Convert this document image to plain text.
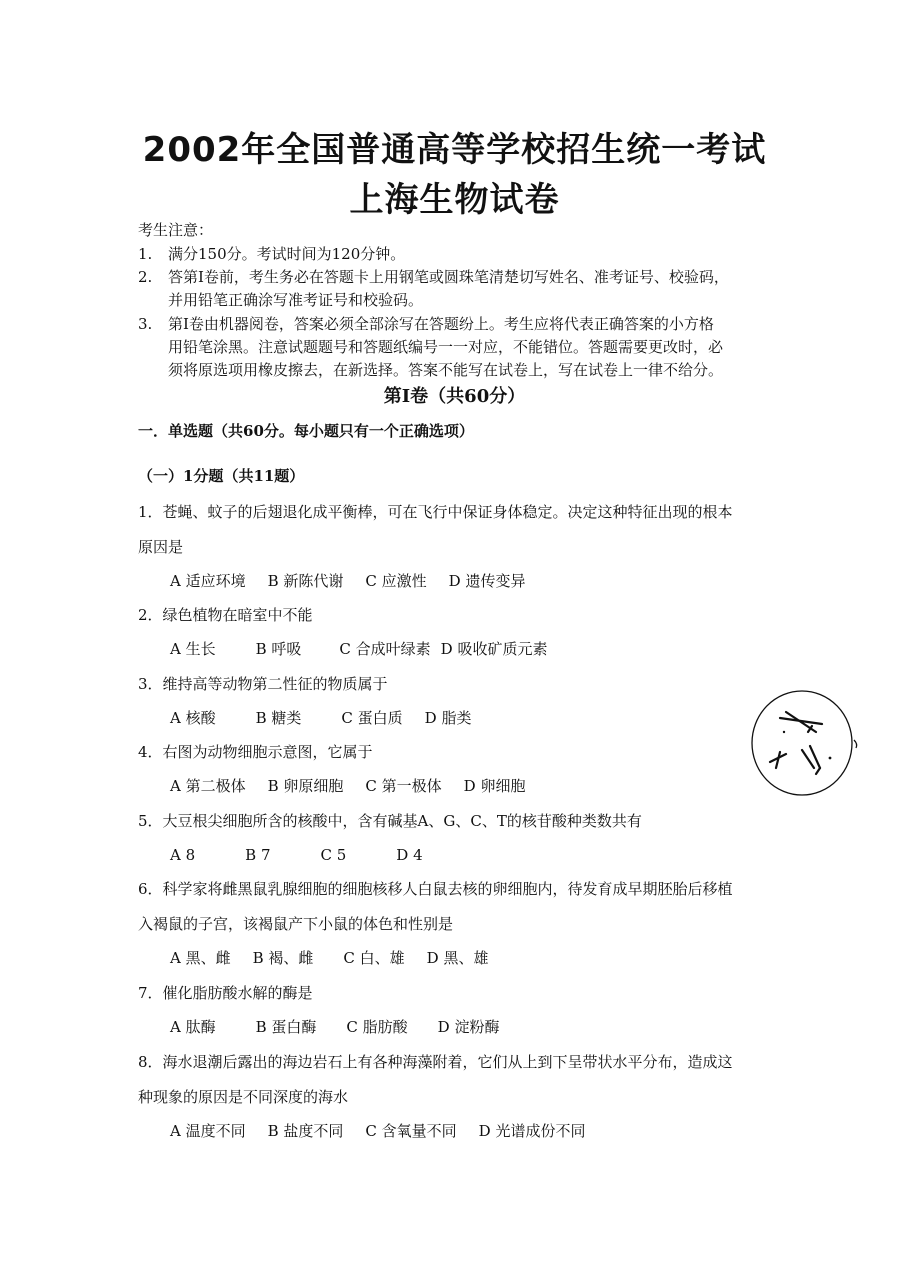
2002年全国普通高等学校招生统一考试
上海生物试卷
考生注意：
1. 满分150分。考试时间为120分钟。
2. 答第Ⅰ卷前，考生务必在答题卡上用钢笔或圆珠笔清楚切写姓名、准考证号、校验码，
并用铅笔正确涂写准考证号和校验码。
3. 第Ⅰ卷由机器阅卷，答案必须全部涂写在答题纷上。考生应将代表正确答案的小方格
用铅笔涂黑。注意试题题号和答题纸编号一一对应，不能错位。答题需要更改时，必
须将原选项用橡皮擦去，在新选择。答案不能写在试卷上，写在试卷上一律不给分。
第Ⅰ卷（共60分）
一．单选题（共60分。每小题只有一个正确选项）
（一）1分题（共11题）
1．苍蝇、蚊子的后翅退化成平衡棒，可在飞行中保证身体稳定。决定这种特征出现的根本
原因是
A 适应环境 B 新陈代谢 C 应激性 D 遗传变异
2．绿色植物在暗室中不能
A 生长	B 呼吸	C 合成叶绿素 D 吸收矿质元素
3．维持高等动物第二性征的物质属于
A 核酸	B 糖类	C 蛋白质 D 脂类
4．右图为动物细胞示意图，它属于
A 第二极体 B 卵原细胞 C 第一极体 D 卵细胞
5．大豆根尖细胞所含的核酸中，含有碱基A、G、C、T的核苷酸种类数共有
A 8	B 7	C 5	D 4
6．科学家将雌黑鼠乳腺细胞的细胞核移人白鼠去核的卵细胞内，待发育成早期胚胎后移植
入褐鼠的子宫，该褐鼠产下小鼠的体色和性别是
A 黑、雌 B 褐、雌 C 白、雄 D 黑、雄
7．催化脂肪酸水解的酶是
A 肽酶	B 蛋白酶 C 脂肪酸 D 淀粉酶
8．海水退潮后露出的海边岩石上有各种海藻附着，它们从上到下呈带状水平分布，造成这
种现象的原因是不同深度的海水
A 温度不同 B 盐度不同 C 含氧量不同 D 光谱成份不同
